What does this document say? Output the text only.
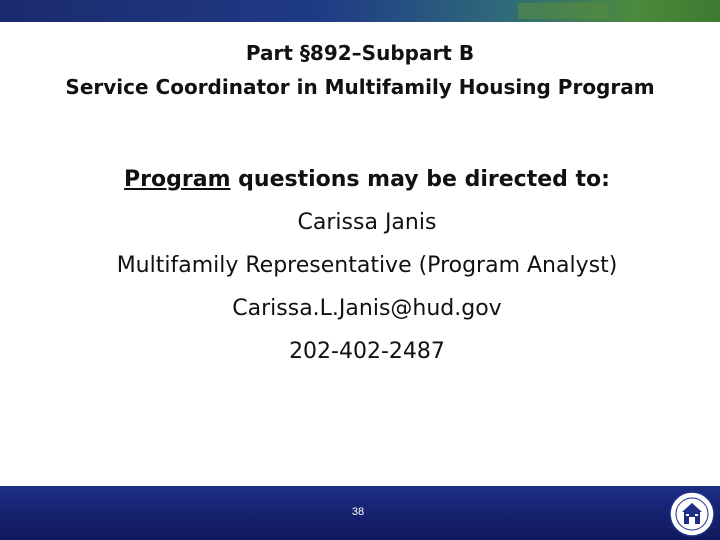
Part §892–Subpart B
Service Coordinator in Multifamily Housing Program
Program questions may be directed to:
Carissa Janis
Multifamily Representative (Program Analyst)
Carissa.L.Janis@hud.gov
202-402-2487
38
